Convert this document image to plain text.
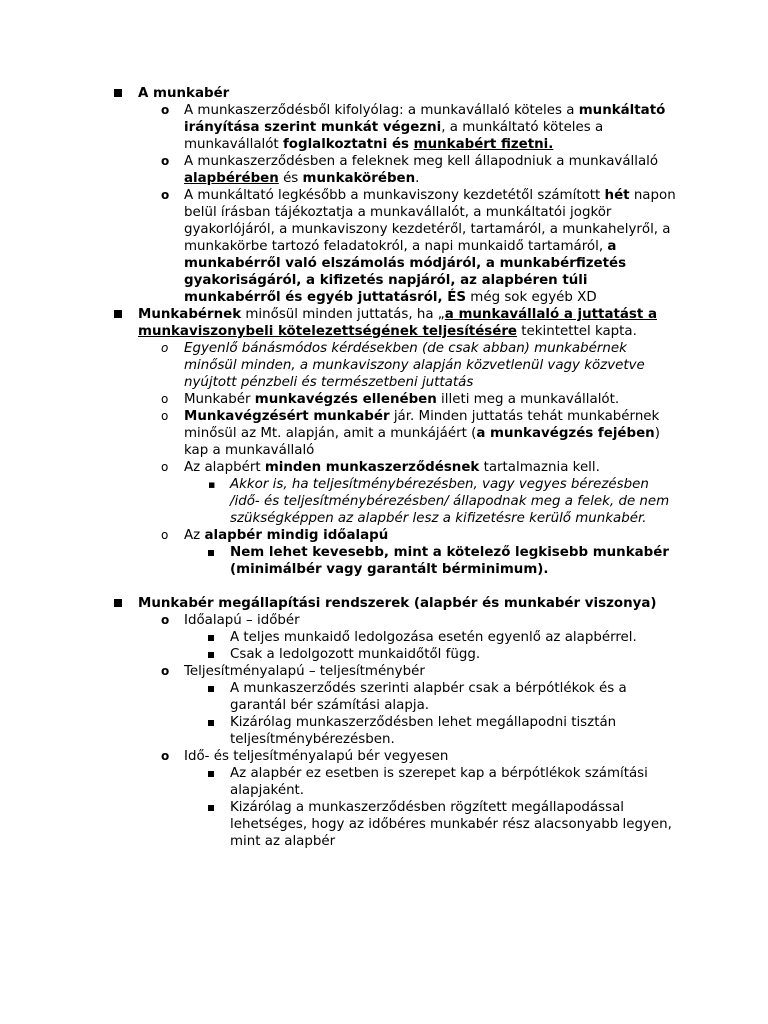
A munkabér
o A munkaszerződésből kifolyólag: a munkavállaló köteles a munkáltató irányítása szerint munkát végezni, a munkáltató köteles a munkavállalót foglalkoztatni és munkabért fizetni.
o A munkaszerződésben a feleknek meg kell állapodniuk a munkavállaló alapbérében és munkakörében.
o A munkáltató legkésőbb a munkaviszony kezdetétől számított hét napon belül írásban tájékoztatja a munkavállalót, a munkáltatói jogkör gyakorlójáról, a munkaviszony kezdetéről, tartamáról, a munkahelyről, a munkakörbe tartozó feladatokról, a napi munkaidő tartamáról, a munkabérről való elszámolás módjáról, a munkabérfizetés gyakoriságáról, a kifizetés napjáról, az alapbéren túli munkabérről és egyéb juttatásról, ÉS még sok egyéb XD
Munkabérnek minősül minden juttatás, ha „a munkavállaló a juttatást a munkaviszonybeli kötelezettségének teljesítésére tekintettel kapta.
o Egyenlő bánásmódos kérdésekben (de csak abban) munkabérnek minősül minden, a munkaviszony alapján közvetlenül vagy közvetve nyújtott pénzbeli és természetbeni juttatás
o Munkabér munkavégzés ellenében illeti meg a munkavállalót.
o Munkavégzésért munkabér jár. Minden juttatás tehát munkabérnek minősül az Mt. alapján, amit a munkájáért (a munkavégzés fejében) kap a munkavállaló
o Az alapbért minden munkaszerződésnek tartalmaznia kell.
▪ Akkor is, ha teljesítménybérezésben, vagy vegyes bérezésben /idő- és teljesítménybérezésben/ állapodnak meg a felek, de nem szükségképpen az alapbér lesz a kifizetésre kerülő munkabér.
o Az alapbér mindig időalapú
Nem lehet kevesebb, mint a kötelező legkisebb munkabér (minimálbér vagy garantált bérminimum).
Munkabér megállapítási rendszerek (alapbér és munkabér viszonya)
o Időalapú – időbér
A teljes munkaidő ledolgozása esetén egyenlő az alapbérrel.
Csak a ledolgozott munkaidőtől függ.
o Teljesítményalapú – teljesítménybér
A munkaszerződés szerinti alapbér csak a bérpótlékok és a garantál bér számítási alapja.
Kizárólag munkaszerződésben lehet megállapodni tisztán teljesítménybérezésben.
o Idő- és teljesítményalapú bér vegyesen
Az alapbér ez esetben is szerepet kap a bérpótlékok számítási alapjaként.
Kizárólag a munkaszerződésben rögzített megállapodással lehetséges, hogy az időbéres munkabér rész alacsonyabb legyen, mint az alapbér
